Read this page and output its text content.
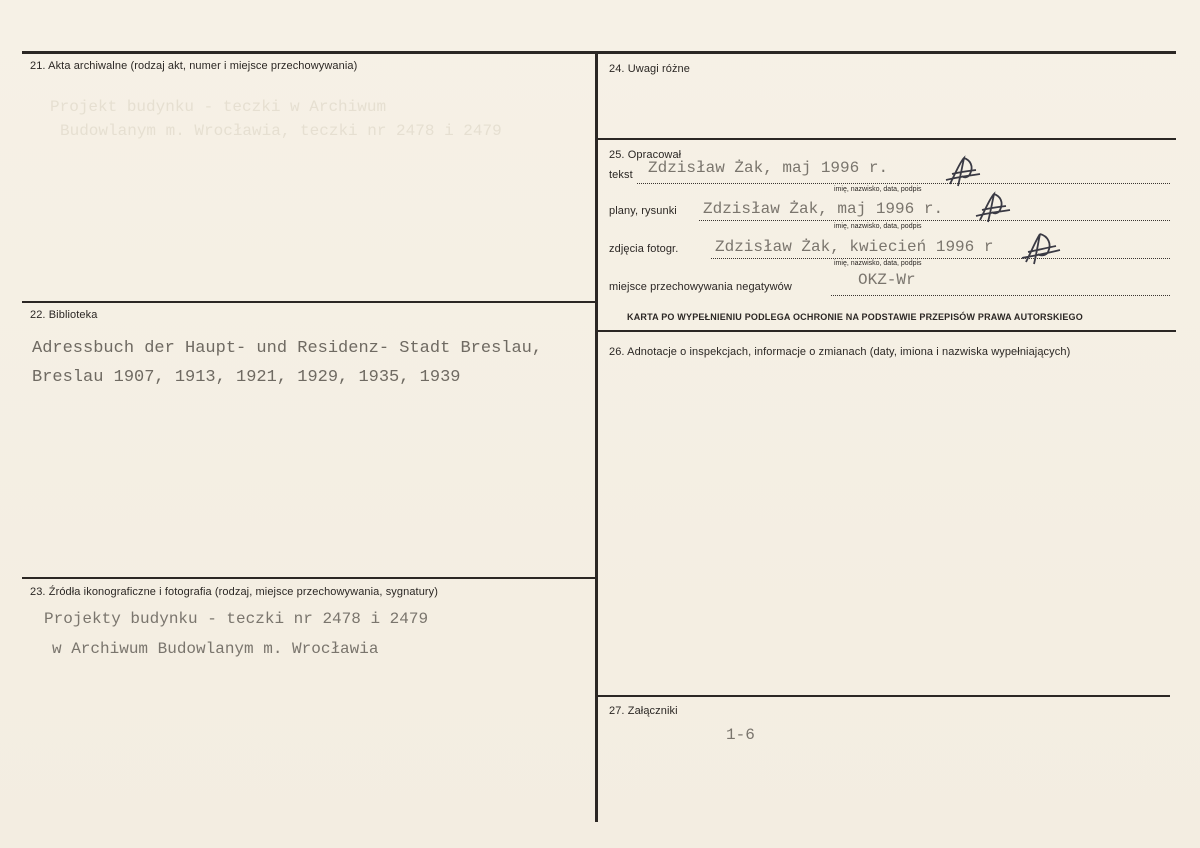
21. Akta archiwalne (rodzaj akt, numer i miejsce przechowywania)
Projekt budynku - teczki w Archiwum
Budowlanym m. Wrocławia, teczki nr 2478 i 2479
22. Biblioteka
Adressbuch der Haupt- und Residenz- Stadt Breslau,
Breslau 1907, 1913, 1921, 1929, 1935, 1939
23. Źródła ikonograficzne i fotografia (rodzaj, miejsce przechowywania, sygnatury)
Projekty budynku - teczki nr 2478 i 2479
w Archiwum Budowlanym m. Wrocławia
24. Uwagi różne
25. Opracował
tekst Zdzisław Żak, maj 1996 r.
imię, nazwisko, data, podpis
plany, rysunki Zdzisław Żak, maj 1996 r.
imię, nazwisko, data, podpis
zdjęcia fotogr. Zdzisław Żak, kwiecień 1996 r
imię, nazwisko, data, podpis
miejsce przechowywania negatywów	OKZ-Wr
KARTA PO WYPEŁNIENIU PODLEGA OCHRONIE NA PODSTAWIE PRZEPISÓW PRAWA AUTORSKIEGO
26. Adnotacje o inspekcjach, informacje o zmianach (daty, imiona i nazwiska wypełniających)
27. Załączniki
1-6
